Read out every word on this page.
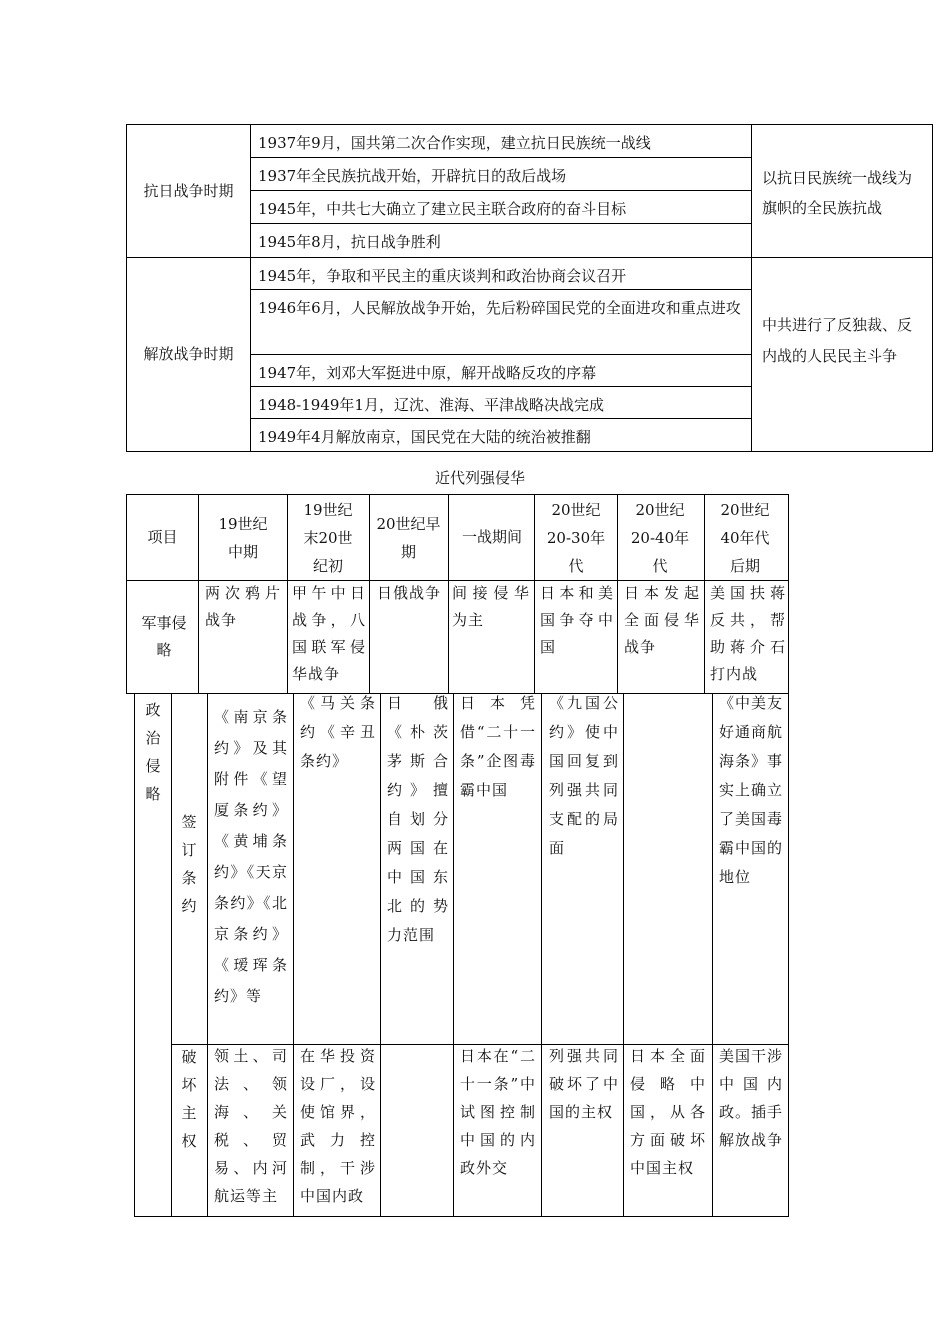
抗日战争时期
1937年9月，国共第二次合作实现，建立抗日民族统一战线
1937年全民族抗战开始，开辟抗日的敌后战场
1945年，中共七大确立了建立民主联合政府的奋斗目标
1945年8月，抗日战争胜利
以抗日民族统一战线为旗帜的全民族抗战
解放战争时期
1945年，争取和平民主的重庆谈判和政治协商会议召开
1946年6月，人民解放战争开始，先后粉碎国民党的全面进攻和重点进攻
1947年，刘邓大军挺进中原，解开战略反攻的序幕
1948-1949年1月，辽沈、淮海、平津战略决战完成
1949年4月解放南京，国民党在大陆的统治被推翻
中共进行了反独裁、反内战的人民民主斗争
近代列强侵华
项目
19世纪中期
19世纪末20世纪初
20世纪早期
一战期间
20世纪20-30年代
20世纪20-40年代
20世纪40年代后期
军事侵略
两次鸦片战争
甲午中日战争，八国联军侵华战争
日俄战争 间接侵华为主
日本和美国争夺中国
日本发起全面侵华战争
美国扶蒋反共，帮助蒋介石打内战
政治侵略
签订条约
破坏主权
《南京条约》及其附件《望厦条约》《黄埔条约》《天京条约》《北京条约》《瑷珲条约》等
《马关条约《辛丑条约》
日俄《朴茨茅斯合约》擅自划分两国在中国东北的势力范围
日本凭借“二十一条”企图毒霸中国
《九国公约》使中国回复到列强共同支配的局面
《中美友好通商航海条》事实上确立了美国毒霸中国的地位
领土、司法、领海、关税、贸易、内河航运等主
在华投资设厂，设使馆界，武力控制，干涉中国内政
日本在“二十一条”中试图控制中国的内政外交
列强共同破坏了中国的主权
日本全面侵略中国，从各方面破坏中国主权
美国干涉中国内政。插手解放战争
